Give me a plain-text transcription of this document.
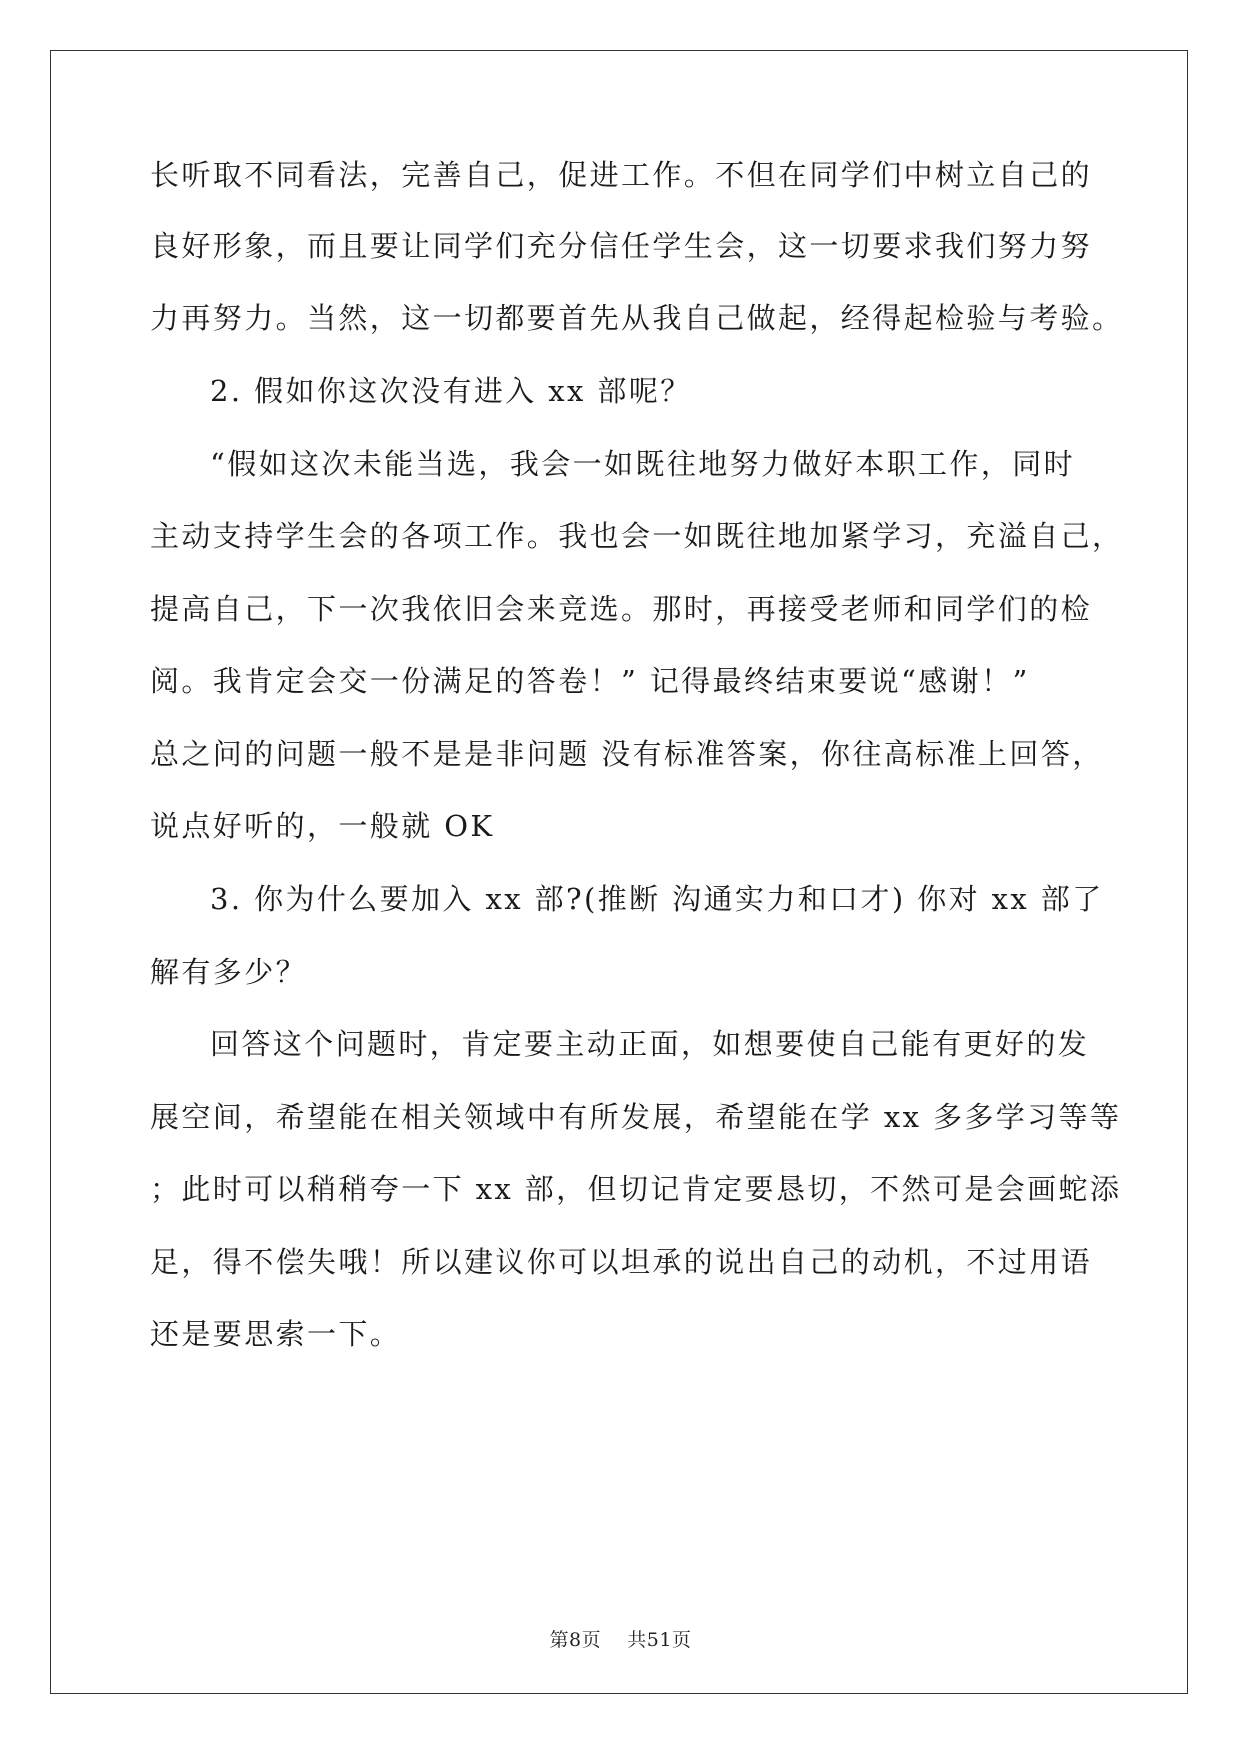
长听取不同看法，完善自己，促进工作。不但在同学们中树立自己的
良好形象，而且要让同学们充分信任学生会，这一切要求我们努力努
力再努力。当然，这一切都要首先从我自己做起，经得起检验与考验。
2. 假如你这次没有进入 xx 部呢？
“假如这次未能当选，我会一如既往地努力做好本职工作，同时
主动支持学生会的各项工作。我也会一如既往地加紧学习，充溢自己，
提高自己，下一次我依旧会来竞选。那时，再接受老师和同学们的检
阅。我肯定会交一份满足的答卷！” 记得最终结束要说“感谢！”
总之问的问题一般不是是非问题 没有标准答案，你往高标准上回答，
说点好听的，一般就 OK
3. 你为什么要加入 xx 部?(推断 沟通实力和口才) 你对 xx 部了
解有多少？
回答这个问题时，肯定要主动正面，如想要使自己能有更好的发
展空间，希望能在相关领域中有所发展，希望能在学 xx 多多学习等等
；此时可以稍稍夸一下 xx 部，但切记肯定要恳切，不然可是会画蛇添
足，得不偿失哦！所以建议你可以坦承的说出自己的动机，不过用语
还是要思索一下。
第8页 共51页
